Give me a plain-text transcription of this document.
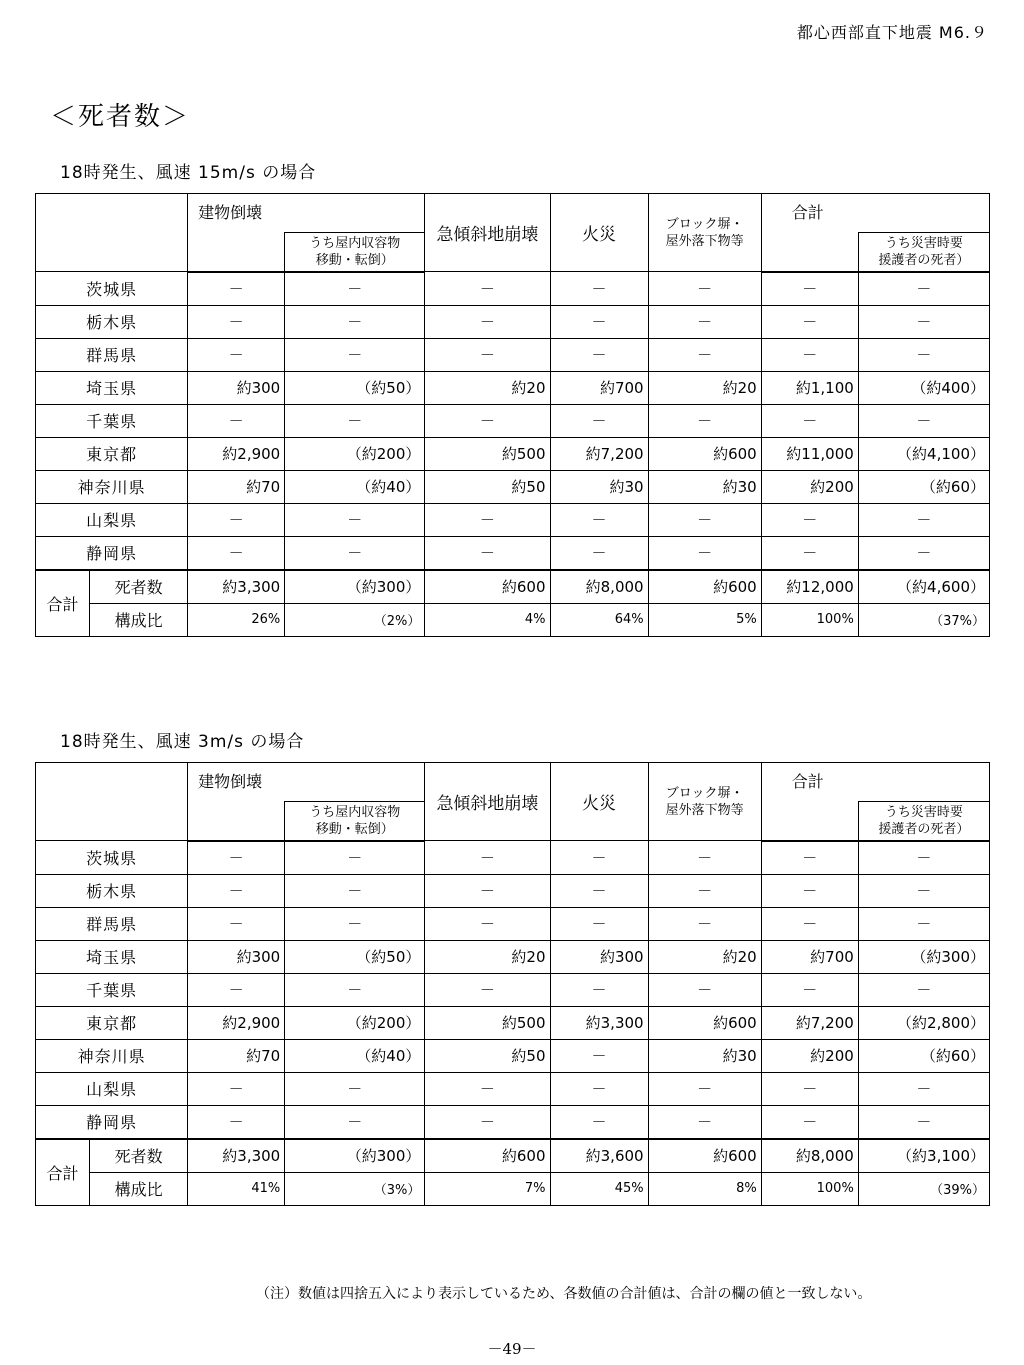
都心西部直下地震 M6.９
＜死者数＞
18時発生、風速 15m/s の場合
		建物倒壊		急傾斜地崩壊	火災	ブロック塀・
屋外落下物等	合計	
			うち屋内収容物
移動・転倒）					うち災害時要
援護者の死者）
茨城県		－	－	－	－	－	－	－
栃木県		－	－	－	－	－	－	－
群馬県		－	－	－	－	－	－	－
埼玉県		約300	（約50）	約20	約700	約20	約1,100	（約400）
千葉県		－	－	－	－	－	－	－
東京都		約2,900	（約200）	約500	約7,200	約600	約11,000	（約4,100）
神奈川県		約70	（約40）	約50	約30	約30	約200	（約60）
山梨県		－	－	－	－	－	－	－
静岡県		－	－	－	－	－	－	－
合計	死者数	約3,300	（約300）	約600	約8,000	約600	約12,000	（約4,600）
	構成比	26%	（2%）	4%	64%	5%	100%	（37%）
18時発生、風速 3m/s の場合
		建物倒壊		急傾斜地崩壊	火災	ブロック塀・
屋外落下物等	合計	
			うち屋内収容物
移動・転倒）					うち災害時要
援護者の死者）
茨城県		－	－	－	－	－	－	－
栃木県		－	－	－	－	－	－	－
群馬県		－	－	－	－	－	－	－
埼玉県		約300	（約50）	約20	約300	約20	約700	（約300）
千葉県		－	－	－	－	－	－	－
東京都		約2,900	（約200）	約500	約3,300	約600	約7,200	（約2,800）
神奈川県		約70	（約40）	約50	－	約30	約200	（約60）
山梨県		－	－	－	－	－	－	－
静岡県		－	－	－	－	－	－	－
合計	死者数	約3,300	（約300）	約600	約3,600	約600	約8,000	（約3,100）
	構成比	41%	（3%）	7%	45%	8%	100%	（39%）
（注）数値は四捨五入により表示しているため、各数値の合計値は、合計の欄の値と一致しない。
－49－
